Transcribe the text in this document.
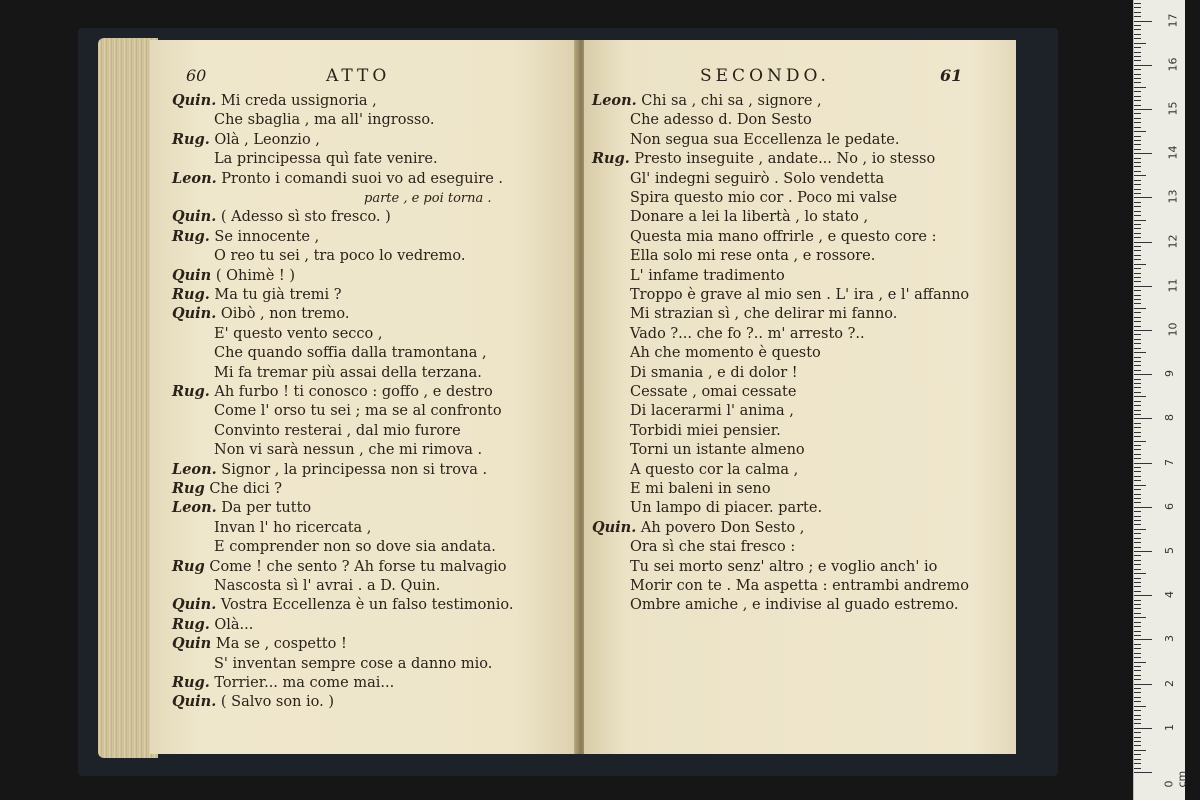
60	ATTO
Quin. Mi creda ussignoria ,
Che sbaglia , ma all' ingrosso.
Rug. Olà , Leonzio ,
La principessa quì fate venire.
Leon. Pronto i comandi suoi vo ad eseguire .
parte , e poi torna .
Quin. ( Adesso sì sto fresco. )
Rug. Se innocente ,
O reo tu sei , tra poco lo vedremo.
Quin ( Ohimè ! )
Rug. Ma tu già tremi ?
Quin. Oibò , non tremo.
E' questo vento secco ,
Che quando soffia dalla tramontana ,
Mi fa tremar più assai della terzana.
Rug. Ah furbo ! ti conosco : goffo , e destro
Come l' orso tu sei ; ma se al confronto
Convinto resterai , dal mio furore
Non vi sarà nessun , che mi rimova .
Leon. Signor , la principessa non si trova .
Rug Che dici ?
Leon. Da per tutto
Invan l' ho ricercata ,
E comprender non so dove sia andata.
Rug Come ! che sento ? Ah forse tu malvagio
Nascosta sì l' avrai . a D. Quin.
Quin. Vostra Eccellenza è un falso testimonio.
Rug. Olà...
Quin Ma se , cospetto !
S' inventan sempre cose a danno mio.
Rug. Torrier... ma come mai...
Quin. ( Salvo son io. )
SECONDO.	61
Leon. Chi sa , chi sa , signore ,
Che adesso d. Don Sesto
Non segua sua Eccellenza le pedate.
Rug. Presto inseguite , andate... No , io stesso
Gl' indegni seguirò . Solo vendetta
Spira questo mio cor . Poco mi valse
Donare a lei la libertà , lo stato ,
Questa mia mano offrirle , e questo core :
Ella solo mi rese onta , e rossore.
L' infame tradimento
Troppo è grave al mio sen . L' ira , e l' affanno
Mi strazian sì , che delirar mi fanno.
Vado ?... che fo ?.. m' arresto ?..
Ah che momento è questo
Di smania , e di dolor !
Cessate , omai cessate
Di lacerarmi l' anima ,
Torbidi miei pensier.
Torni un istante almeno
A questo cor la calma ,
E mi baleni in seno
Un lampo di piacer. parte.
Quin. Ah povero Don Sesto ,
Ora sì che stai fresco :
Tu sei morto senz' altro ; e voglio anch' io
Morir con te . Ma aspetta : entrambi andremo
Ombre amiche , e indivise al guado estremo.
0 cm
1
2
3
4
5
6
7
8
9
10
11
12
13
14
15
16
17
